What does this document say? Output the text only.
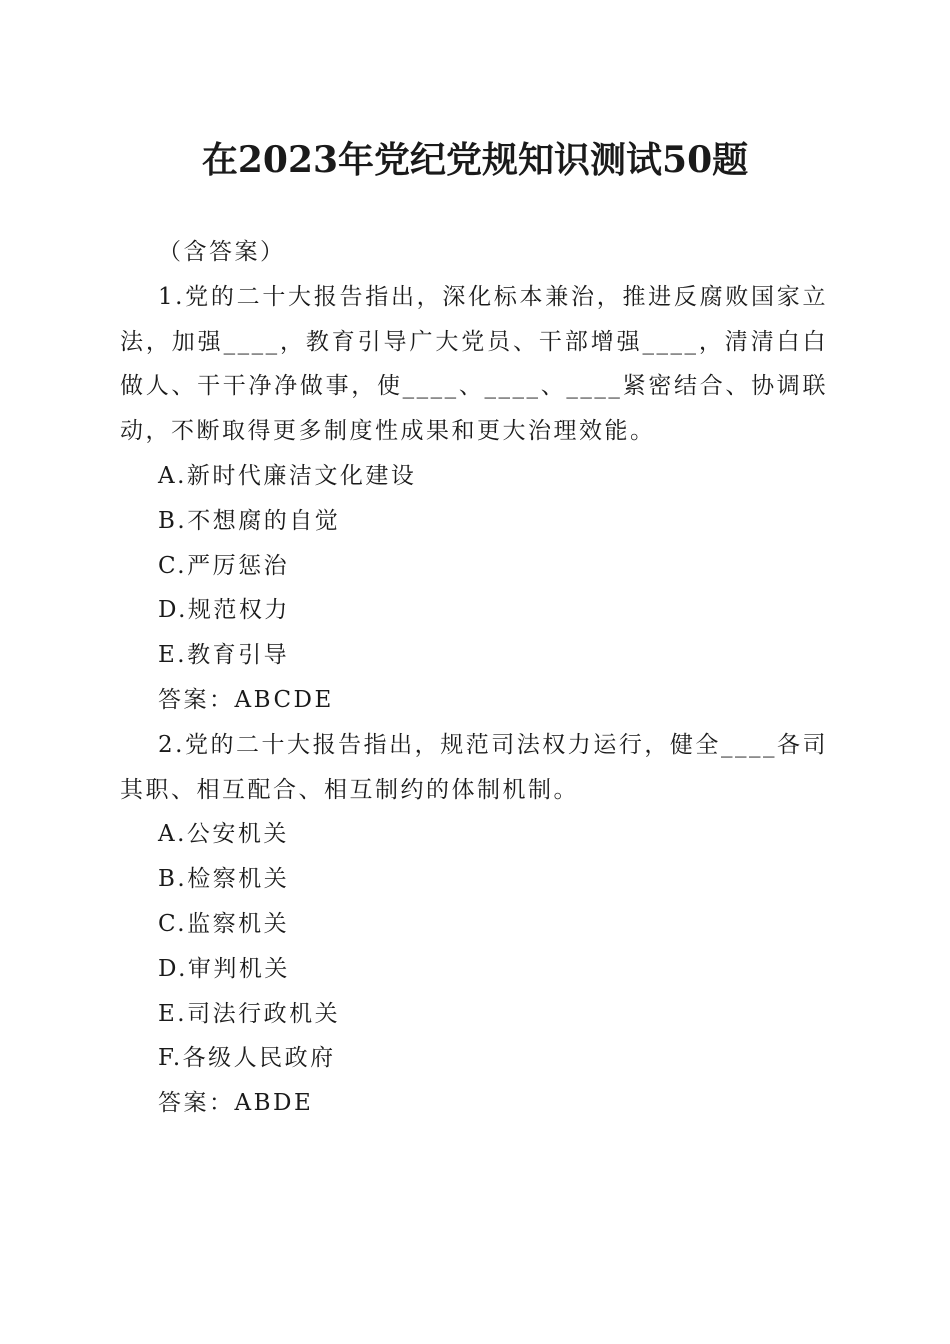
在2023年党纪党规知识测试50题
（含答案）
1.党的二十大报告指出，深化标本兼治，推进反腐败国家立法，加强____，教育引导广大党员、干部增强____，清清白白做人、干干净净做事，使____、____、____紧密结合、协调联动，不断取得更多制度性成果和更大治理效能。
A.新时代廉洁文化建设
B.不想腐的自觉
C.严厉惩治
D.规范权力
E.教育引导
答案：ABCDE
2.党的二十大报告指出，规范司法权力运行，健全____各司其职、相互配合、相互制约的体制机制。
A.公安机关
B.检察机关
C.监察机关
D.审判机关
E.司法行政机关
F.各级人民政府
答案：ABDE
